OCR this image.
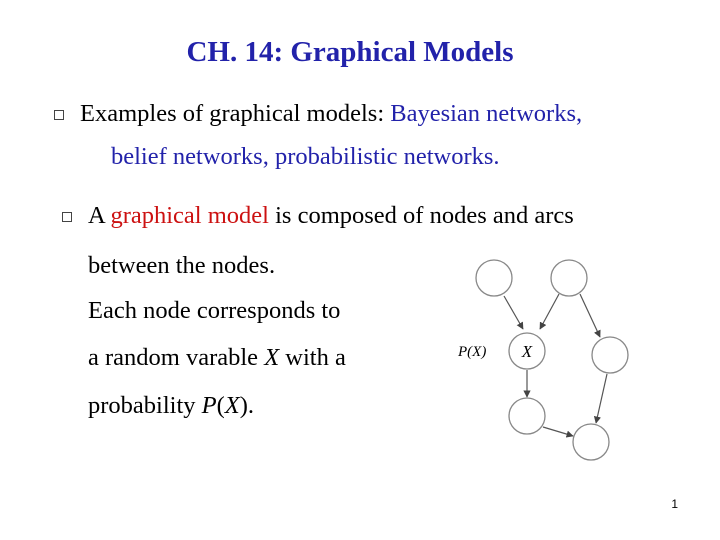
CH. 14: Graphical Models
Examples of graphical models: Bayesian networks,
belief networks, probabilistic networks.
A graphical model is composed of nodes and arcs
between the nodes.
Each node corresponds to
a random varable X with a
probability P(X).
X
P(X)
1
